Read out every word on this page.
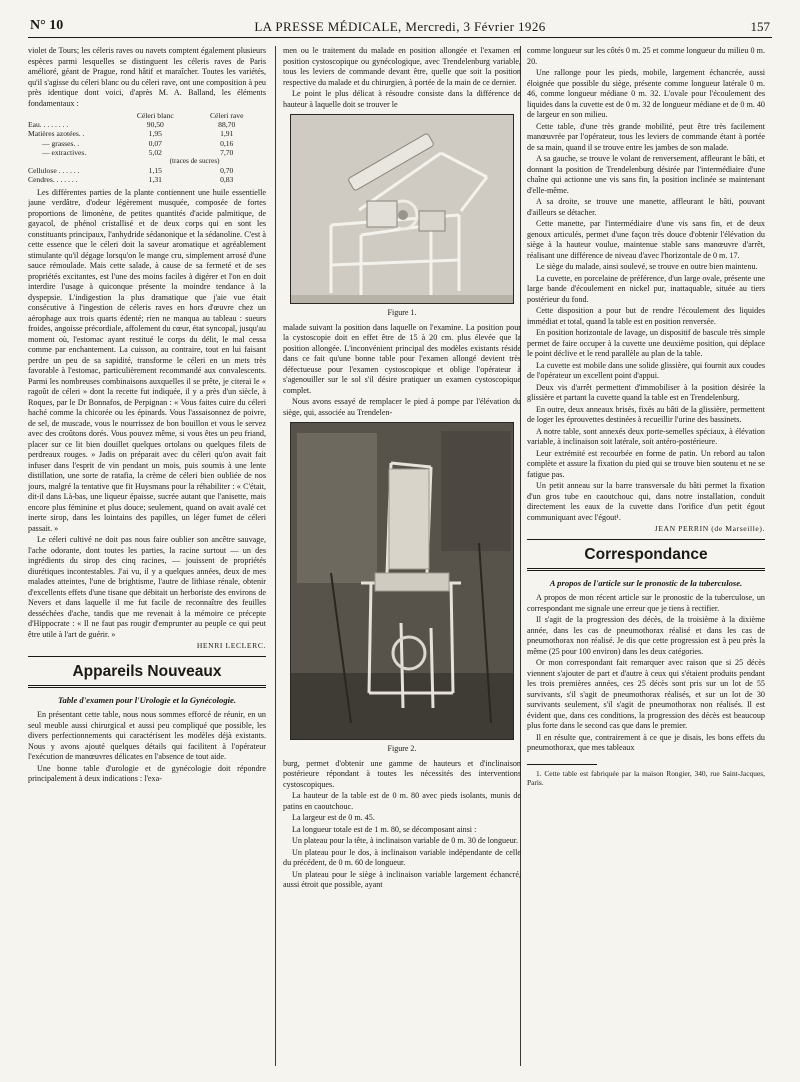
N° 10	LA PRESSE MÉDICALE, Mercredi, 3 Février 1926	157

violet de Tours; les céleris raves ou navets comptent également plusieurs espèces parmi lesquelles se distinguent les céleris raves de Paris amélioré, géant de Prague, rond hâtif et maraîcher. Toutes les variétés, qu'il s'agisse du céleri blanc ou du céleri rave, ont une composition à peu près identique dont voici, d'après M. A. Balland, les éléments fondamentaux :

	Céleri blanc	Céleri rave
Eau. . . . . . . .	90,50	88,70
Matières azotées. .	1,95	1,91
— grasses. .	0,07	0,16
— extractives.	5,02	7,70
	(traces de sucres)	
Cellulose . . . . . .	1,15	0,70
Cendres. . . . . . .	1,31	0,83

Les différentes parties de la plante contiennent une huile essentielle jaune verdâtre, d'odeur légèrement musquée, composée de fortes proportions de limonène, de petites quantités d'acide palmitique, de gayacol, de phénol cristallisé et de deux corps qui en sont les constituants principaux, l'anhydride sédanonique et la sédanoline. C'est à cette essence que le céleri doit la saveur aromatique et agréablement stimulante qu'il dégage lorsqu'on le mange cru, simplement arrosé d'une sauce rémoulade. Mais cette salade, à cause de sa fermeté et de ses propriétés excitantes, est l'une des moins faciles à digérer et l'on en doit interdire l'usage à quiconque présente la moindre tendance à la dyspepsie. L'indigestion la plus dramatique que j'aie vue était consécutive à l'ingestion de céleris raves en hors d'œuvre chez un aérophage aux trois quarts édenté; rien ne manqua au tableau : sueurs froides, angoisse précordiale, affolement du cœur, état syncopal, jusqu'au moment où, l'estomac ayant restitué le corps du délit, le mal cessa comme par enchantement. La cuisson, au contraire, tout en lui faisant perdre un peu de sa sapidité, transforme le céleri en un mets très favorable à l'estomac, particulièrement recommandé aux convalescents. Parmi les nombreuses combinaisons auxquelles il se prête, je citerai le « ragoût de céleri » dont la recette fut indiquée, il y a près d'un siècle, à Roques, par le Dr Bonnafos, de Perpignan : « Vous faites cuire du céleri haché comme la chicorée ou les épinards. Vous l'assaisonnez de poivre, de sel, de muscade, vous le nourrissez de bon bouillon et vous le servez avec des croûtons dorés. Vous pouvez même, si vous êtes un peu friand, placer sur ce lit bien douillet quelques ortolans ou quelques filets de perdreaux rouges. » Jadis on préparait avec du céleri qu'on avait fait infuser dans l'esprit de vin pendant un mois, puis soumis à une lente distillation, une sorte de ratafia, la crème de céleri bien oubliée de nos jours, malgré la tentative que fit Huysmans pour la réhabiliter : « C'était, dit-il dans Là-bas, une liqueur épaisse, sucrée autant que l'anisette, mais encore plus féminine et plus douce; seulement, quand on avait avalé cet inerte sirop, dans les lointains des papilles, un léger fumet de céleri passait. »

Le céleri cultivé ne doit pas nous faire oublier son ancêtre sauvage, l'ache odorante, dont toutes les parties, la racine surtout — un des ingrédients du sirop des cinq racines, — jouissent de propriétés diurétiques incontestables. J'ai vu, il y a quelques années, deux de mes malades atteintes, l'une de brightisme, l'autre de lithiase rénale, obtenir d'excellents effets d'une tisane que débitait un herboriste des environs de Nevers et dans laquelle il me fut facile de reconnaître des feuilles desséchées d'ache, tandis que me revenait à la mémoire ce précepte d'Hippocrate : « Il ne faut pas rougir d'emprunter au peuple ce qui peut être utile à l'art de guérir. »

HENRI LECLERC.
Appareils Nouveaux
Table d'examen pour l'Urologie et la Gynécologie.

En présentant cette table, nous nous sommes efforcé de réunir, en un seul meuble aussi chirurgical et aussi peu compliqué que possible, les divers perfectionnements qui caractérisent les modèles déjà existants. Nous y avons ajouté quelques détails qui facilitent à l'opérateur l'exécution de manœuvres délicates en l'absence de tout aide.

Une bonne table d'urologie et de gynécologie doit répondre principalement à deux indications : l'exa-

men ou le traitement du malade en position allongée et l'examen en position cystoscopique ou gynécologique, avec Trendelenburg variable, tous les leviers de commande devant être, quelle que soit la position respective du malade et du chirurgien, à portée de la main de ce dernier.

Le point le plus délicat à résoudre consiste dans la différence de hauteur à laquelle doit se trouver le

Figure 1.

malade suivant la position dans laquelle on l'examine. La position pour la cystoscopie doit en effet être de 15 à 20 cm. plus élevée que la position allongée. L'inconvénient principal des modèles existants réside dans ce fait qu'une bonne table pour l'examen allongé devient très défectueuse pour l'examen cystoscopique et oblige l'opérateur à s'agenouiller sur le sol s'il désire pratiquer un examen cystoscopique complet.

Nous avons essayé de remplacer le pied à pompe par l'élévation du siège, qui, associée au Trendelen-

Figure 2.

burg, permet d'obtenir une gamme de hauteurs et d'inclinaison postérieure répondant à toutes les nécessités des interventions cystoscopiques.

La hauteur de la table est de 0 m. 80 avec pieds isolants, munis de patins en caoutchouc.

La largeur est de 0 m. 45.

La longueur totale est de 1 m. 80, se décomposant ainsi :

Un plateau pour la tête, à inclinaison variable de 0 m. 30 de longueur.

Un plateau pour le dos, à inclinaison variable indépendante de celle du précédent, de 0 m. 60 de longueur.

Un plateau pour le siège à inclinaison variable largement échancré, aussi étroit que possible, ayant

comme longueur sur les côtés 0 m. 25 et comme longueur du milieu 0 m. 20.

Une rallonge pour les pieds, mobile, largement échancrée, aussi éloignée que possible du siège, présente comme longueur latérale 0 m. 46, comme longueur médiane 0 m. 32. L'ovale pour l'écoulement des liquides dans la cuvette est de 0 m. 32 de longueur médiane et de 0 m. 40 de largeur en son milieu.

Cette table, d'une très grande mobilité, peut être très facilement manœuvrée par l'opérateur, tous les leviers de commande étant à portée de sa main, quand il se trouve entre les jambes de son malade.

A sa gauche, se trouve le volant de renversement, affleurant le bâti, et donnant la position de Trendelenburg désirée par l'intermédiaire d'une chaîne qui actionne une vis sans fin, la position inclinée se maintenant d'elle-même.

A sa droite, se trouve une manette, affleurant le bâti, pouvant d'ailleurs se détacher.

Cette manette, par l'intermédiaire d'une vis sans fin, et de deux genoux articulés, permet d'une façon très douce d'obtenir l'élévation du siège à la hauteur voulue, maintenue stable sans manœuvre d'arrêt, réalisant une différence de niveau d'avec l'horizontale de 0 m. 17.

Le siège du malade, ainsi soulevé, se trouve en outre bien maintenu.

La cuvette, en porcelaine de préférence, d'un large ovale, présente une large bande d'écoulement en nickel pur, inattaquable, située au tiers postérieur du fond.

Cette disposition a pour but de rendre l'écoulement des liquides immédiat et total, quand la table est en position renversée.

En position horizontale de lavage, un dispositif de bascule très simple permet de faire occuper à la cuvette une deuxième position, qui déplace le point déclive et le rend parallèle au plan de la table.

La cuvette est mobile dans une solide glissière, qui fournit aux coudes de l'opérateur un excellent point d'appui.

Deux vis d'arrêt permettent d'immobiliser à la position désirée la glissière et partant la cuvette quand la table est en Trendelenburg.

En outre, deux anneaux brisés, fixés au bâti de la glissière, permettent de loger les éprouvettes destinées à recueillir l'urine des bassinets.

A notre table, sont annexés deux porte-semelles spéciaux, à élévation variable, à inclinaison soit latérale, soit antéro-postérieure.

Leur extrémité est recourbée en forme de patin. Un rebord au talon complète et assure la fixation du pied qui se trouve bien soutenu et ne se fatigue pas.

Un petit anneau sur la barre transversale du bâti permet la fixation d'un gros tube en caoutchouc qui, dans notre installation, conduit directement les eaux de la cuvette dans l'orifice d'un petit égout communiquant avec l'égout¹.

JEAN PERRIN (de Marseille).
Correspondance
A propos de l'article sur le pronostic de la tuberculose.

A propos de mon récent article sur le pronostic de la tuberculose, un correspondant me signale une erreur que je tiens à rectifier.

Il s'agit de la progression des décès, de la troisième à la dixième année, dans les cas de pneumothorax réalisé et dans les cas de pneumothorax non réalisé. Je dis que cette progression est à peu près la même (25 pour 100 environ) dans les deux catégories.

Or mon correspondant fait remarquer avec raison que si 25 décès viennent s'ajouter de part et d'autre à ceux qui s'étaient produits pendant les trois premières années, ces 25 décès sont pris sur un lot de 55 survivants, s'il s'agit de pneumothorax réalisés, et sur un lot de 30 survivants seulement, s'il s'agit de pneumothorax non réalisés. Il est évident que, dans ces conditions, la progression des décès est beaucoup plus forte dans le second cas que dans le premier.

Il en résulte que, contrairement à ce que je disais, les bons effets du pneumothorax, que mes tableaux

1. Cette table est fabriquée par la maison Rongier, 340, rue Saint-Jacques, Paris.
